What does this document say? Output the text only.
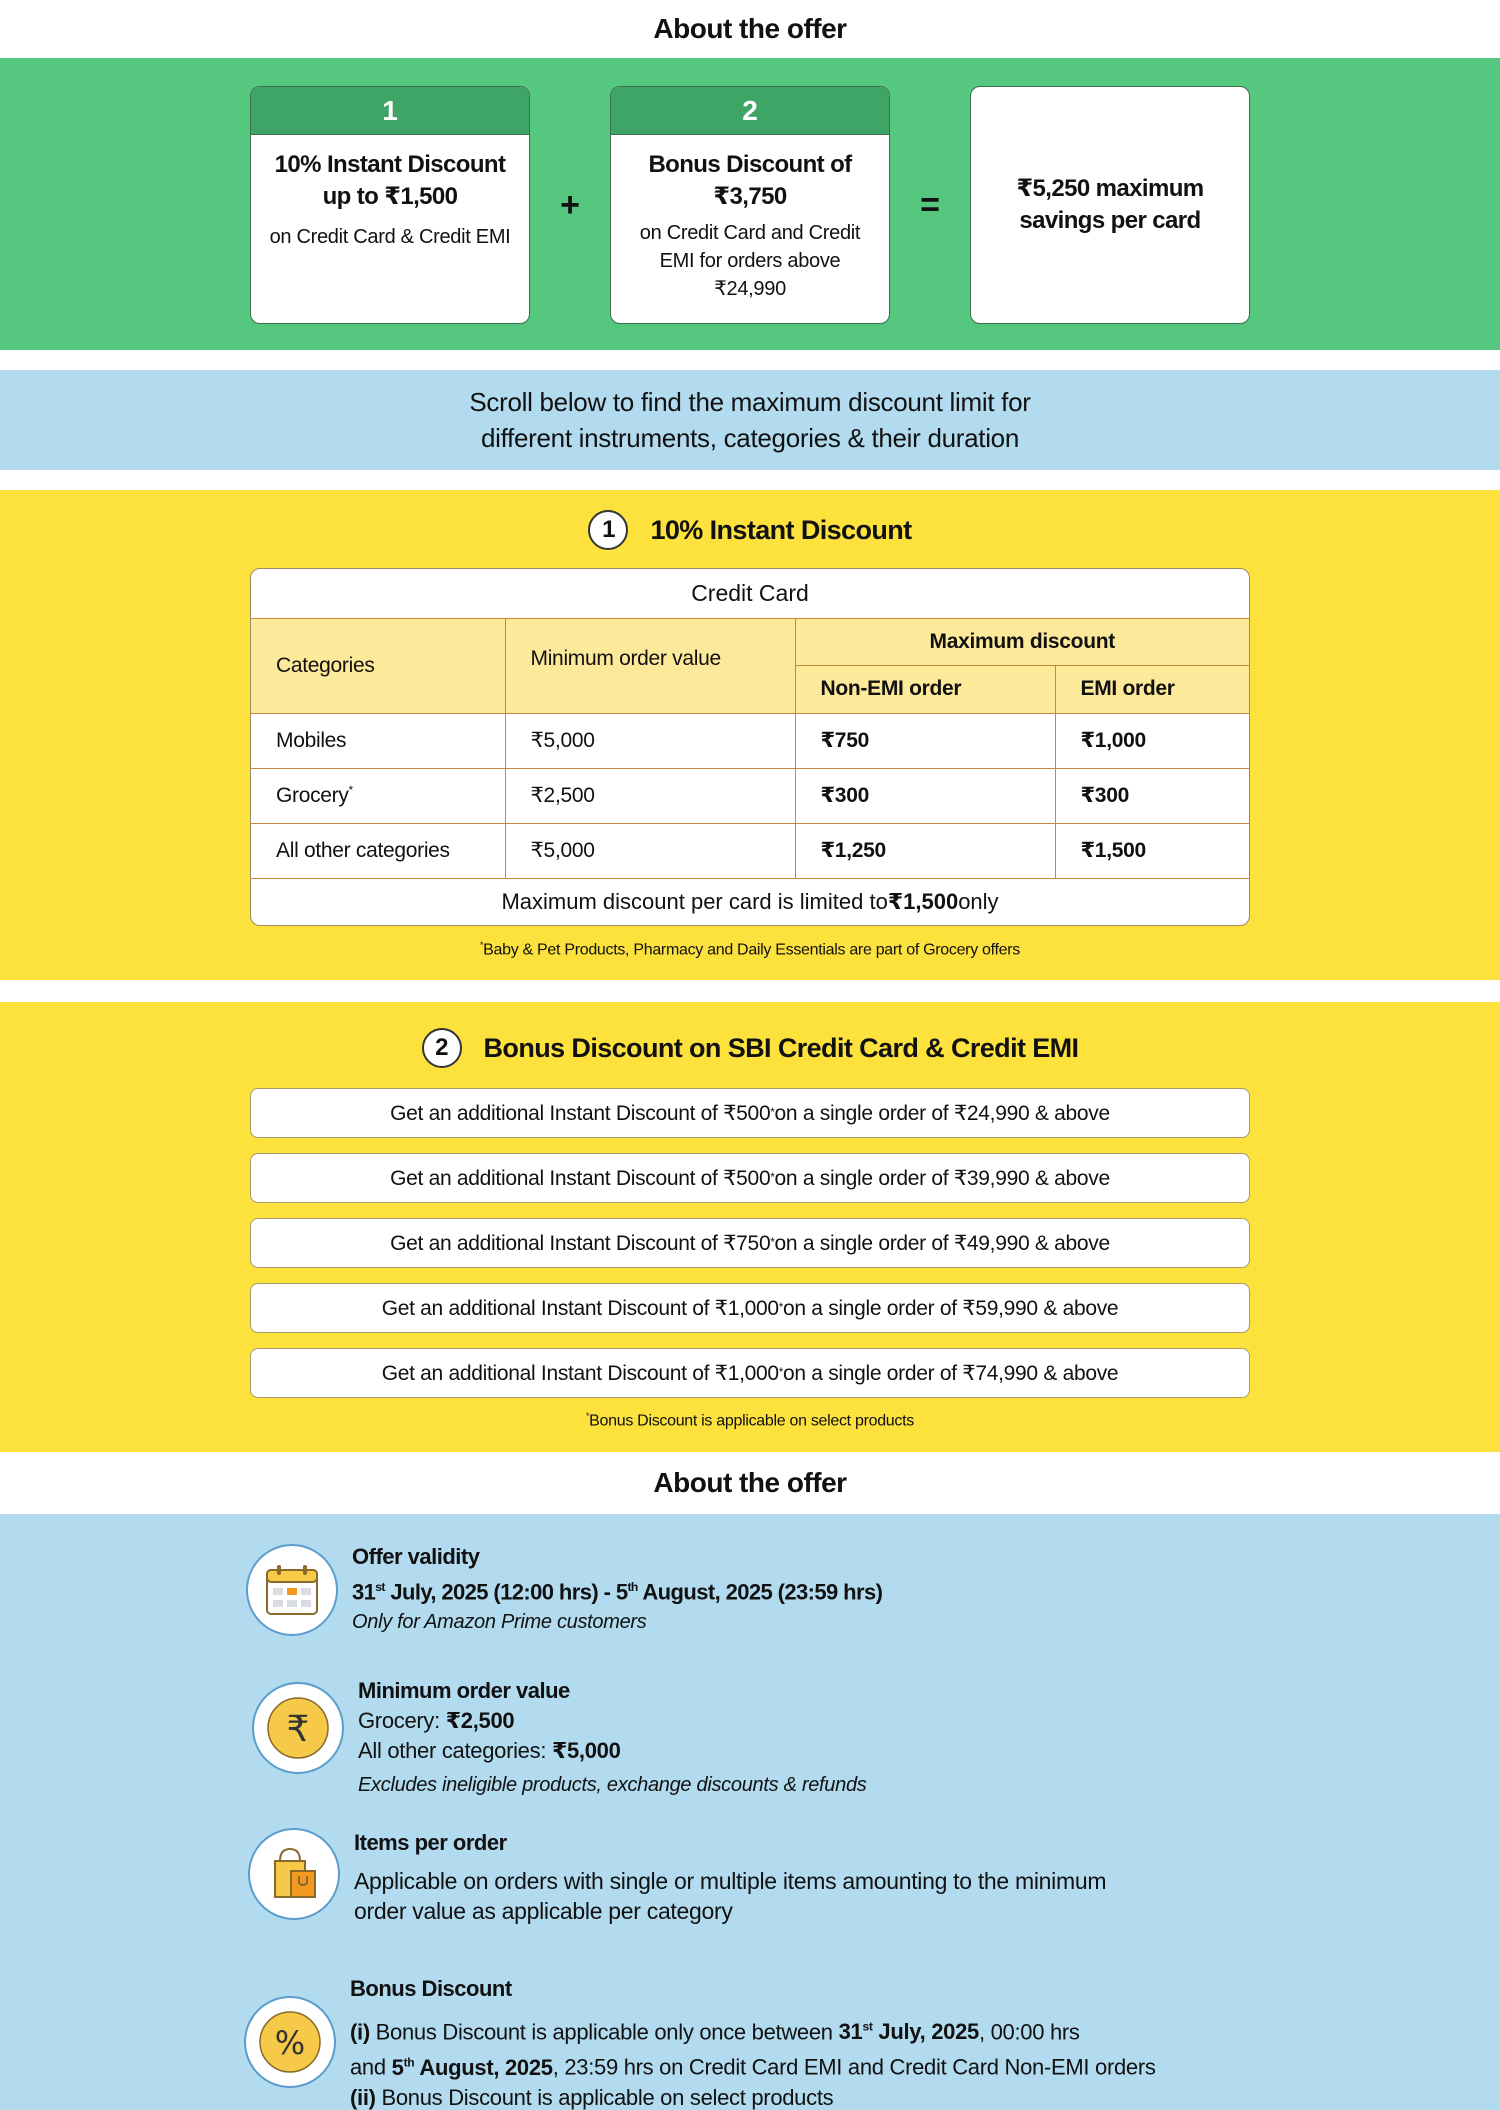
About the offer
1
10% Instant Discount up to ₹1,500
on Credit Card & Credit EMI
+
2
Bonus Discount of ₹3,750
on Credit Card and Credit EMI for orders above ₹24,990
=	₹5,250 maximum savings per card
Scroll below to find the maximum discount limit for
different instruments, categories & their duration
1	10% Instant Discount
Credit Card
Categories	Minimum order value	Maximum discount	
		Non-EMI order	EMI order
Mobiles	₹5,000	₹750	₹1,000
Grocery*	₹2,500	₹300	₹300
All other categories	₹5,000	₹1,250	₹1,500
Maximum discount per card is limited to ₹1,500 only
*Baby & Pet Products, Pharmacy and Daily Essentials are part of Grocery offers
2	Bonus Discount on SBI Credit Card & Credit EMI
Get an additional Instant Discount of ₹500 * on a single order of ₹24,990 & above
Get an additional Instant Discount of ₹500 * on a single order of ₹39,990 & above
Get an additional Instant Discount of ₹750 * on a single order of ₹49,990 & above
Get an additional Instant Discount of ₹1,000 * on a single order of ₹59,990 & above
Get an additional Instant Discount of ₹1,000 * on a single order of ₹74,990 & above
*Bonus Discount is applicable on select products
About the offer
Offer validity
31st July, 2025 (12:00 hrs) - 5th August, 2025 (23:59 hrs)
Only for Amazon Prime customers
₹
Minimum order value
Grocery: ₹2,500
All other categories: ₹5,000
Excludes ineligible products, exchange discounts & refunds
Items per order
Applicable on orders with single or multiple items amounting to the minimum
order value as applicable per category
%
Bonus Discount
(i) Bonus Discount is applicable only once between 31st July, 2025, 00:00 hrs
and 5th August, 2025, 23:59 hrs on Credit Card EMI and Credit Card Non-EMI orders
(ii) Bonus Discount is applicable on select products
